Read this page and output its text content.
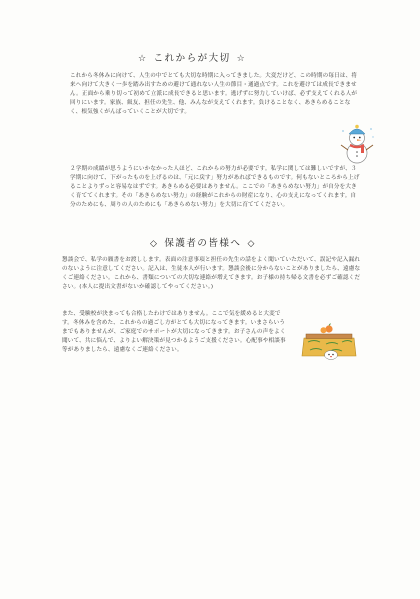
☆ これからが大切 ☆

これから冬休みに向けて、人生の中でとても大切な時期に入ってきました。大変だけど、この時期の毎日は、将来へ向けて大きく一歩を踏み出すための避けて通れない人生の節目・通過点です。これを避けては成長できません。正面から乗り切って初めて立派に成長できると思います。逃げずに努力していけば、必ず支えてくれる人が回りにいます。家族、級友、担任の先生、他、みんなが支えてくれます。負けることなく、あきらめることなく、根気強くがんばっていくことが大切です。

２学期の成績が思うようにいかなかった人ほど、これからの努力が必要です。私学に関しては難しいですが、３学期に向けて、下がったものを上げるのは、「元に戻す」努力があればできるものです。何もないところから上げることよりずっと容易なはずです。あきらめる必要はありません。ここでの「あきらめない努力」が自分を大きく育ててくれます。その「あきらめない努力」の経験がこれからの財産になり、心の支えになってくれます。自分のためにも、周りの人のためにも「あきらめない努力」を大切に育ててください。

◇ 保護者の皆様へ ◇

懇談会で、私学の願書をお渡しします。表面の注意事項と担任の先生の話をよく聞いていただいて、誤記や記入漏れのないように注意してください。記入は、生徒本人が行います。懇談会後に分からないことがありましたら、遠慮なくご連絡ください。これから、書類についての大切な連絡が増えてきます。お子様の持ち帰る文書を必ずご確認ください。(本人に提出文書がないか確認してやってください。)

また、受験校が決まっても合格したわけではありません。ここで気を緩めると大変です。冬休みを含めた、これからの過ごし方がとても大切になってきます。いまさらいうまでもありませんが、ご家庭でのサポートが大切になってきます。お子さんの声をよく聞いて、共に悩んで、よりよい解決策が見つかるようご支援ください。心配事や相談事等がありましたら、遠慮なくご連絡ください。
